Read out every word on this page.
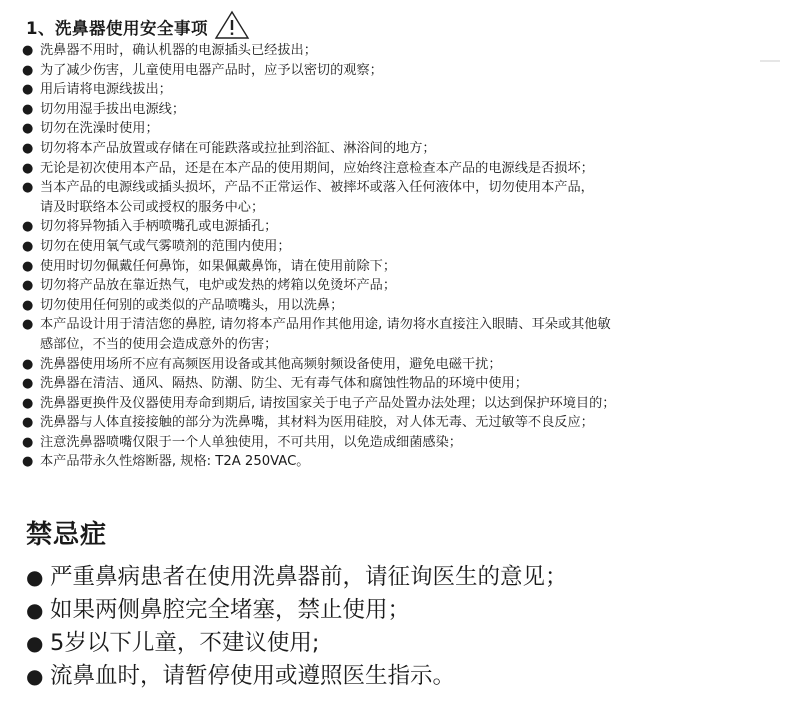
1、洗鼻器使用安全事项
● 洗鼻器不用时，确认机器的电源插头已经拔出；
● 为了减少伤害，儿童使用电器产品时，应予以密切的观察；
● 用后请将电源线拔出；
● 切勿用湿手拔出电源线；
● 切勿在洗澡时使用；
● 切勿将本产品放置或存储在可能跌落或拉扯到浴缸、淋浴间的地方；
● 无论是初次使用本产品，还是在本产品的使用期间，应始终注意检查本产品的电源线是否损坏；
● 当本产品的电源线或插头损坏，产品不正常运作、被摔坏或落入任何液体中，切勿使用本产品，
请及时联络本公司或授权的服务中心；
● 切勿将异物插入手柄喷嘴孔或电源插孔；
● 切勿在使用氧气或气雾喷剂的范围内使用；
● 使用时切勿佩戴任何鼻饰，如果佩戴鼻饰，请在使用前除下；
● 切勿将产品放在靠近热气，电炉或发热的烤箱以免烫坏产品；
● 切勿使用任何别的或类似的产品喷嘴头，用以洗鼻；
● 本产品设计用于清洁您的鼻腔, 请勿将本产品用作其他用途, 请勿将水直接注入眼睛、耳朵或其他敏
感部位，不当的使用会造成意外的伤害；
● 洗鼻器使用场所不应有高频医用设备或其他高频射频设备使用，避免电磁干扰；
● 洗鼻器在清洁、通风、隔热、防潮、防尘、无有毒气体和腐蚀性物品的环境中使用；
● 洗鼻器更换件及仪器使用寿命到期后, 请按国家关于电子产品处置办法处理；以达到保护环境目的；
● 洗鼻器与人体直接接触的部分为洗鼻嘴，其材料为医用硅胶，对人体无毒、无过敏等不良反应；
● 注意洗鼻器喷嘴仅限于一个人单独使用，不可共用，以免造成细菌感染；
● 本产品带永久性熔断器, 规格: T2A 250VAC。
禁忌症
● 严重鼻病患者在使用洗鼻器前，请征询医生的意见；
● 如果两侧鼻腔完全堵塞，禁止使用；
● 5岁以下儿童，不建议使用;
● 流鼻血时，请暂停使用或遵照医生指示。
